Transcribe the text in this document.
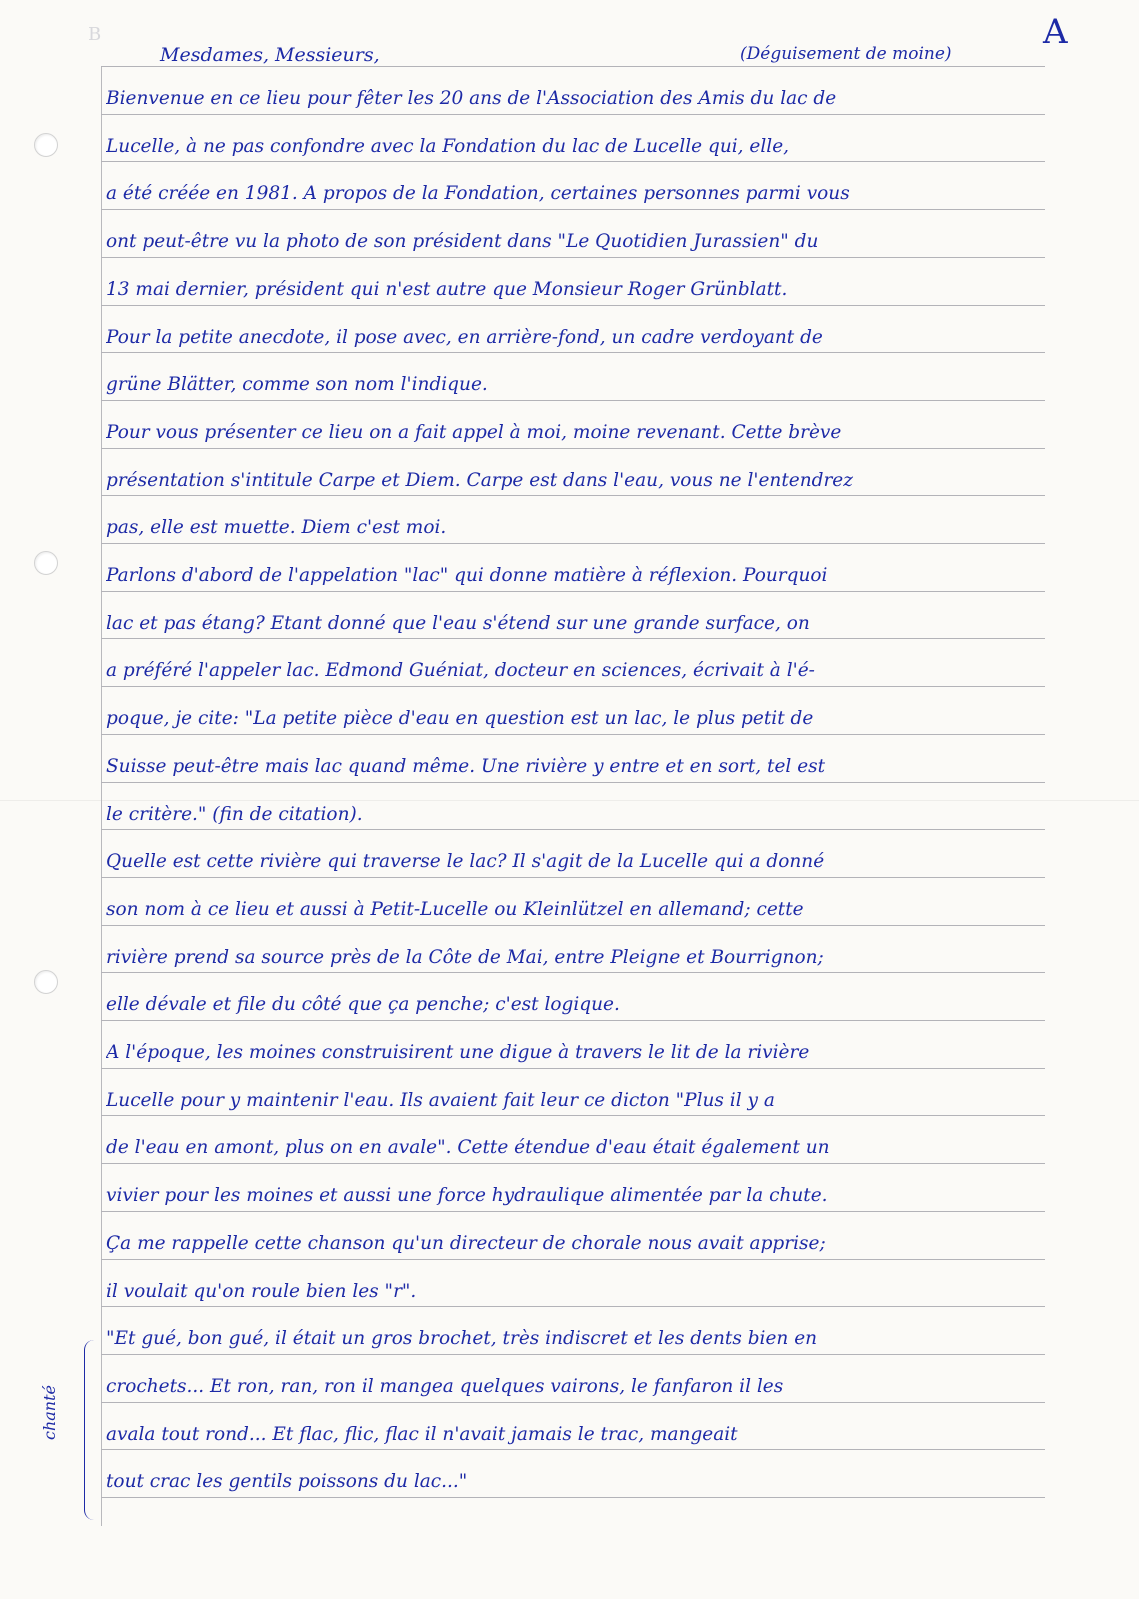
B	A
Mesdames, Messieurs,	(Déguisement de moine)
Bienvenue en ce lieu pour fêter les 20 ans de l'Association des Amis du lac de
Lucelle, à ne pas confondre avec la Fondation du lac de Lucelle qui, elle,
a été créée en 1981. A propos de la Fondation, certaines personnes parmi vous
ont peut-être vu la photo de son président dans "Le Quotidien Jurassien" du
13 mai dernier, président qui n'est autre que Monsieur Roger Grünblatt.
Pour la petite anecdote, il pose avec, en arrière-fond, un cadre verdoyant de
grüne Blätter, comme son nom l'indique.
Pour vous présenter ce lieu on a fait appel à moi, moine revenant. Cette brève
présentation s'intitule Carpe et Diem. Carpe est dans l'eau, vous ne l'entendrez
pas, elle est muette. Diem c'est moi.
Parlons d'abord de l'appelation "lac" qui donne matière à réflexion. Pourquoi
lac et pas étang? Etant donné que l'eau s'étend sur une grande surface, on
a préféré l'appeler lac. Edmond Guéniat, docteur en sciences, écrivait à l'é-
poque, je cite: "La petite pièce d'eau en question est un lac, le plus petit de
Suisse peut-être mais lac quand même. Une rivière y entre et en sort, tel est
le critère." (fin de citation).
Quelle est cette rivière qui traverse le lac? Il s'agit de la Lucelle qui a donné
son nom à ce lieu et aussi à Petit-Lucelle ou Kleinlützel en allemand; cette
rivière prend sa source près de la Côte de Mai, entre Pleigne et Bourrignon;
elle dévale et file du côté que ça penche; c'est logique.
A l'époque, les moines construisirent une digue à travers le lit de la rivière
Lucelle pour y maintenir l'eau. Ils avaient fait leur ce dicton "Plus il y a
de l'eau en amont, plus on en avale". Cette étendue d'eau était également un
vivier pour les moines et aussi une force hydraulique alimentée par la chute.
Ça me rappelle cette chanson qu'un directeur de chorale nous avait apprise;
il voulait qu'on roule bien les "r".
"Et gué, bon gué, il était un gros brochet, très indiscret et les dents bien en
crochets... Et ron, ran, ron il mangea quelques vairons, le fanfaron il les
avala tout rond... Et flac, flic, flac il n'avait jamais le trac, mangeait
tout crac les gentils poissons du lac..."
chanté
